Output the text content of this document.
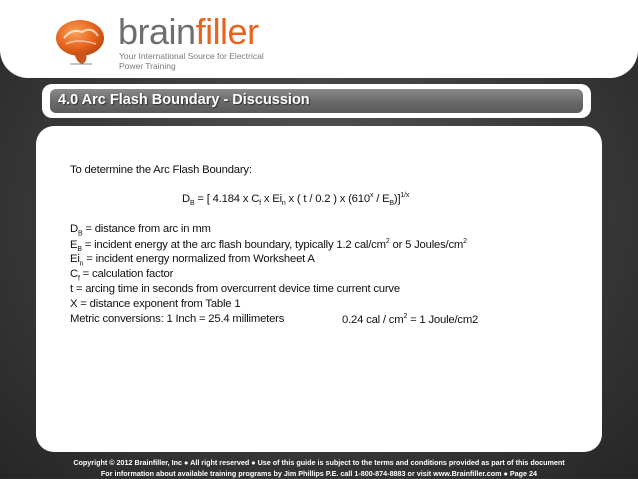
brainfiller
Your International Source for Electrical
Power Training
4.0 Arc Flash Boundary - Discussion
To determine the Arc Flash Boundary:
$D_B$ = [ 4.184 x $C_f$ x $Ei_n$ x ( t / 0.2 ) x $(610^x / E_B)]^{1/x}$
$D_B$ = distance from arc in mm
$E_B$ = incident energy at the arc flash boundary, typically 1.2 cal/$cm^2$ or 5 Joules/$cm^2$
$Ei_n$ = incident energy normalized from Worksheet A
$C_f$ = calculation factor
t = arcing time in seconds from overcurrent device time current curve
X = distance exponent from Table 1
Metric conversions: 1 Inch = 25.4 millimeters	0.24 cal / $cm^2 = 1$ Joule/cm2
Copyright © 2012 Brainfiller, Inc ● All right reserved ● Use of this guide is subject to the terms and conditions provided as part of this document
For information about available training programs by Jim Phillips P.E. call 1-800-874-8883 or visit www.Brainfiller.com ● Page 24
